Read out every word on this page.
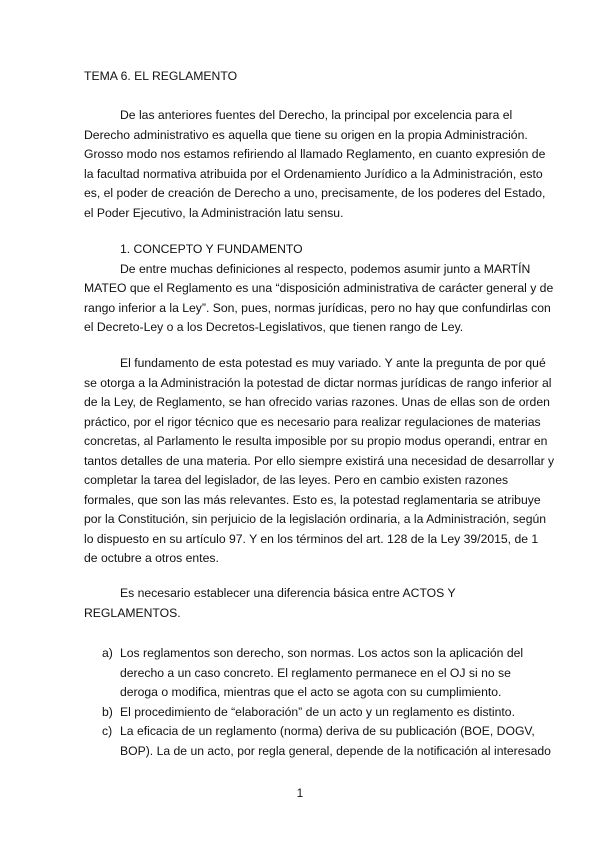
TEMA 6. EL REGLAMENTO

De las anteriores fuentes del Derecho, la principal por excelencia para el
Derecho administrativo es aquella que tiene su origen en la propia Administración.
Grosso modo nos estamos refiriendo al llamado Reglamento, en cuanto expresión de
la facultad normativa atribuida por el Ordenamiento Jurídico a la Administración, esto
es, el poder de creación de Derecho a uno, precisamente, de los poderes del Estado,
el Poder Ejecutivo, la Administración latu sensu.

1. CONCEPTO Y FUNDAMENTO
De entre muchas definiciones al respecto, podemos asumir junto a MARTÍN
MATEO que el Reglamento es una “disposición administrativa de carácter general y de
rango inferior a la Ley”. Son, pues, normas jurídicas, pero no hay que confundirlas con
el Decreto-Ley o a los Decretos-Legislativos, que tienen rango de Ley.

El fundamento de esta potestad es muy variado. Y ante la pregunta de por qué
se otorga a la Administración la potestad de dictar normas jurídicas de rango inferior al
de la Ley, de Reglamento, se han ofrecido varias razones. Unas de ellas son de orden
práctico, por el rigor técnico que es necesario para realizar regulaciones de materias
concretas, al Parlamento le resulta imposible por su propio modus operandi, entrar en
tantos detalles de una materia. Por ello siempre existirá una necesidad de desarrollar y
completar la tarea del legislador, de las leyes. Pero en cambio existen razones
formales, que son las más relevantes. Esto es, la potestad reglamentaria se atribuye
por la Constitución, sin perjuicio de la legislación ordinaria, a la Administración, según
lo dispuesto en su artículo 97. Y en los términos del art. 128 de la Ley 39/2015, de 1
de octubre a otros entes.

Es necesario establecer una diferencia básica entre ACTOS Y
REGLAMENTOS.

a) Los reglamentos son derecho, son normas. Los actos son la aplicación del
derecho a un caso concreto. El reglamento permanece en el OJ si no se
deroga o modifica, mientras que el acto se agota con su cumplimiento.
b) El procedimiento de “elaboración” de un acto y un reglamento es distinto.
c) La eficacia de un reglamento (norma) deriva de su publicación (BOE, DOGV,
BOP). La de un acto, por regla general, depende de la notificación al interesado
1
